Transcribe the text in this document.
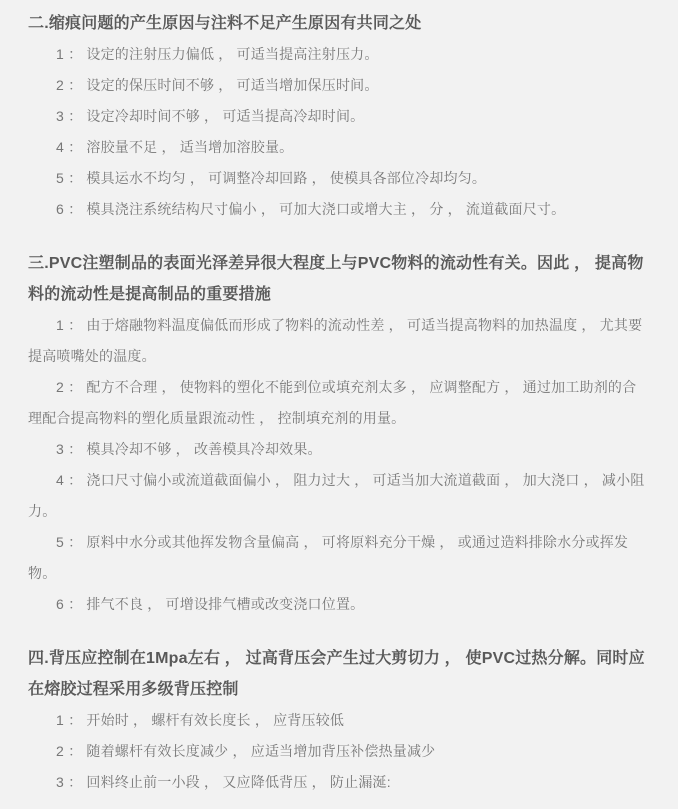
二.缩痕问题的产生原因与注料不足产生原因有共同之处

1 ： 设定的注射压力偏低 ， 可适当提高注射压力。

2 ： 设定的保压时间不够 ， 可适当增加保压时间。

3 ： 设定冷却时间不够 ， 可适当提高冷却时间。

4 ： 溶胶量不足 ， 适当增加溶胶量。

5 ： 模具运水不均匀 ， 可调整冷却回路 ， 使模具各部位冷却均匀。

6 ： 模具浇注系统结构尺寸偏小 ， 可加大浇口或增大主 ， 分 ， 流道截面尺寸。

三.PVC注塑制品的表面光泽差异很大程度上与PVC物料的流动性有关。因此 ， 提高物料的流动性是提高制品的重要措施

1 ： 由于熔融物料温度偏低而形成了物料的流动性差 ， 可适当提高物料的加热温度 ， 尤其要提高喷嘴处的温度。

2 ： 配方不合理 ， 使物料的塑化不能到位或填充剂太多 ， 应调整配方 ， 通过加工助剂的合理配合提高物料的塑化质量跟流动性 ， 控制填充剂的用量。

3 ： 模具冷却不够 ， 改善模具冷却效果。

4 ： 浇口尺寸偏小或流道截面偏小 ， 阻力过大 ， 可适当加大流道截面 ， 加大浇口 ， 减小阻力。

5 ： 原料中水分或其他挥发物含量偏高 ， 可将原料充分干燥 ， 或通过造料排除水分或挥发物。

6 ： 排气不良 ， 可增设排气槽或改变浇口位置。

四.背压应控制在1Mpa左右 ， 过高背压会产生过大剪切力 ， 使PVC过热分解。同时应在熔胶过程采用多级背压控制

1 ： 开始时 ， 螺杆有效长度长 ， 应背压较低

2 ： 随着螺杆有效长度减少 ， 应适当增加背压补偿热量减少

3 ： 回料终止前一小段 ， 又应降低背压 ， 防止漏涎:
